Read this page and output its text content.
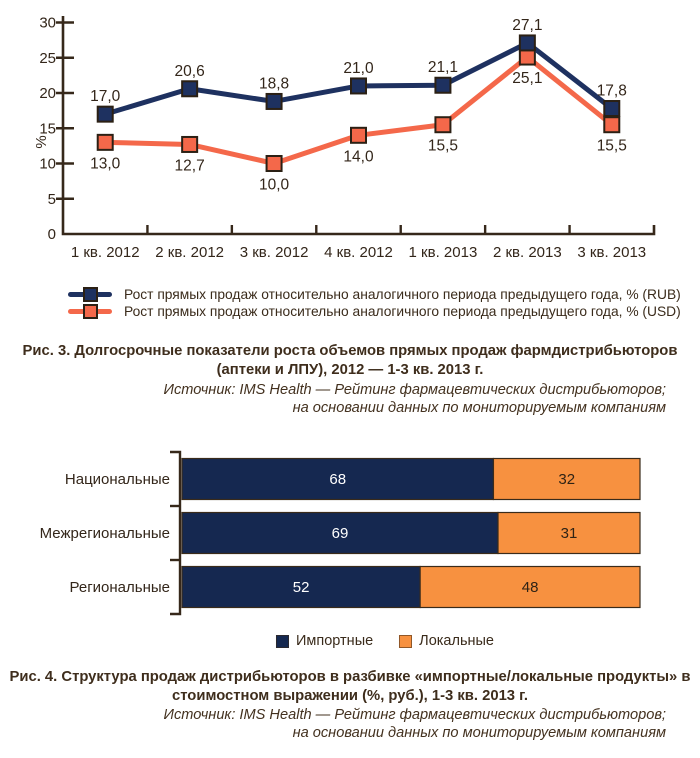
0
5
10
15
20
25
30
%
1 кв. 2012 2 кв. 2012 3 кв. 2012 4 кв. 2012 1 кв. 2013 2 кв. 2013 3 кв. 2013
17,0
20,6
18,8
21,0	21,1
27,1
17,8
13,0	12,7
10,0
14,0
15,5
25,1
15,5
Рост прямых продаж относительно аналогичного периода предыдущего года, % (RUB)
Рост прямых продаж относительно аналогичного периода предыдущего года, % (USD)
Рис. 3. Долгосрочные показатели роста объемов прямых продаж фармдистрибьюторов
(аптеки и ЛПУ), 2012 — 1-3 кв. 2013 г.
Источник: IMS Health — Рейтинг фармацевтических дистрибьюторов;
на основании данных по мониторируемым компаниям
Национальные	68	32
Межрегиональные	69	31
Региональные	52	48
Импортные	Локальные
Рис. 4. Структура продаж дистрибьюторов в разбивке «импортные/локальные продукты» в
стоимостном выражении (%, руб.), 1-3 кв. 2013 г.
Источник: IMS Health — Рейтинг фармацевтических дистрибьюторов;
на основании данных по мониторируемым компаниям
